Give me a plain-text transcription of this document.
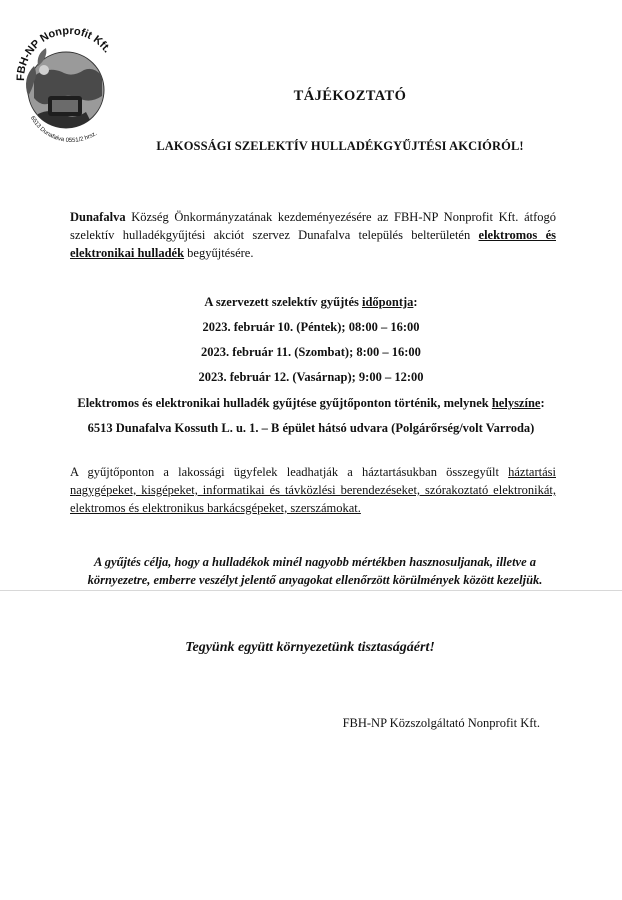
FBH-NP Nonprofit Kft.
6513 Dunafalva 0551/2 hrsz.
TÁJÉKOZTATÓ
LAKOSSÁGI SZELEKTÍV HULLADÉKGYŰJTÉSI AKCIÓRÓL!

Dunafalva Község Önkormányzatának kezdeményezésére az FBH-NP Nonprofit Kft. átfogó szelektív hulladékgyűjtési akciót szervez Dunafalva település belterületén elektromos és elektronikai hulladék begyűjtésére.

A szervezett szelektív gyűjtés időpontja:
2023. február 10. (Péntek); 08:00 – 16:00
2023. február 11. (Szombat); 8:00 – 16:00
2023. február 12. (Vasárnap); 9:00 – 12:00
Elektromos és elektronikai hulladék gyűjtése gyűjtőponton történik, melynek helyszíne:
6513 Dunafalva Kossuth L. u. 1. – B épület hátsó udvara (Polgárőrség/volt Varroda)

A gyűjtőponton a lakossági ügyfelek leadhatják a háztartásukban összegyűlt háztartási nagygépeket, kisgépeket, informatikai és távközlési berendezéseket, szórakoztató elektronikát, elektromos és elektronikus barkácsgépeket, szerszámokat.

A gyűjtés célja, hogy a hulladékok minél nagyobb mértékben hasznosuljanak, illetve a környezetre, emberre veszélyt jelentő anyagokat ellenőrzött körülmények között kezeljük.

Tegyünk együtt környezetünk tisztaságáért!
FBH-NP Közszolgáltató Nonprofit Kft.
